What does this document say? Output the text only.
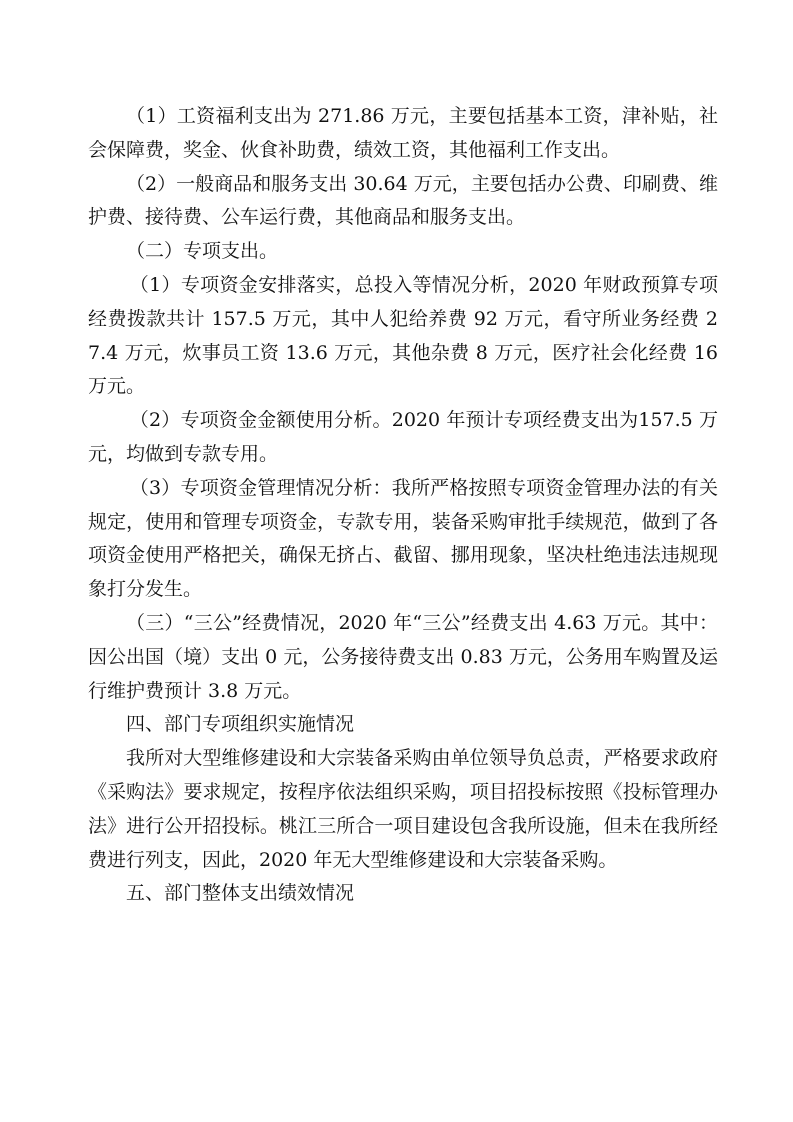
（1）工资福利支出为 271.86 万元，主要包括基本工资，津补贴，社会保障费，奖金、伙食补助费，绩效工资，其他福利工作支出。

（2）一般商品和服务支出 30.64 万元，主要包括办公费、印刷费、维护费、接待费、公车运行费，其他商品和服务支出。

（二）专项支出。

（1）专项资金安排落实，总投入等情况分析，2020 年财政预算专项经费拨款共计 157.5 万元，其中人犯给养费 92 万元，看守所业务经费 27.4 万元，炊事员工资 13.6 万元，其他杂费 8 万元，医疗社会化经费 16 万元。

（2）专项资金金额使用分析。2020 年预计专项经费支出为157.5 万元，均做到专款专用。

（3）专项资金管理情况分析：我所严格按照专项资金管理办法的有关规定，使用和管理专项资金，专款专用，装备采购审批手续规范，做到了各项资金使用严格把关，确保无挤占、截留、挪用现象，坚决杜绝违法违规现象打分发生。

（三）“三公”经费情况，2020 年“三公”经费支出 4.63 万元。其中：因公出国（境）支出 0 元，公务接待费支出 0.83 万元，公务用车购置及运行维护费预计 3.8 万元。

四、部门专项组织实施情况

我所对大型维修建设和大宗装备采购由单位领导负总责，严格要求政府《采购法》要求规定，按程序依法组织采购，项目招投标按照《投标管理办法》进行公开招投标。桃江三所合一项目建设包含我所设施，但未在我所经费进行列支，因此，2020 年无大型维修建设和大宗装备采购。

五、部门整体支出绩效情况
